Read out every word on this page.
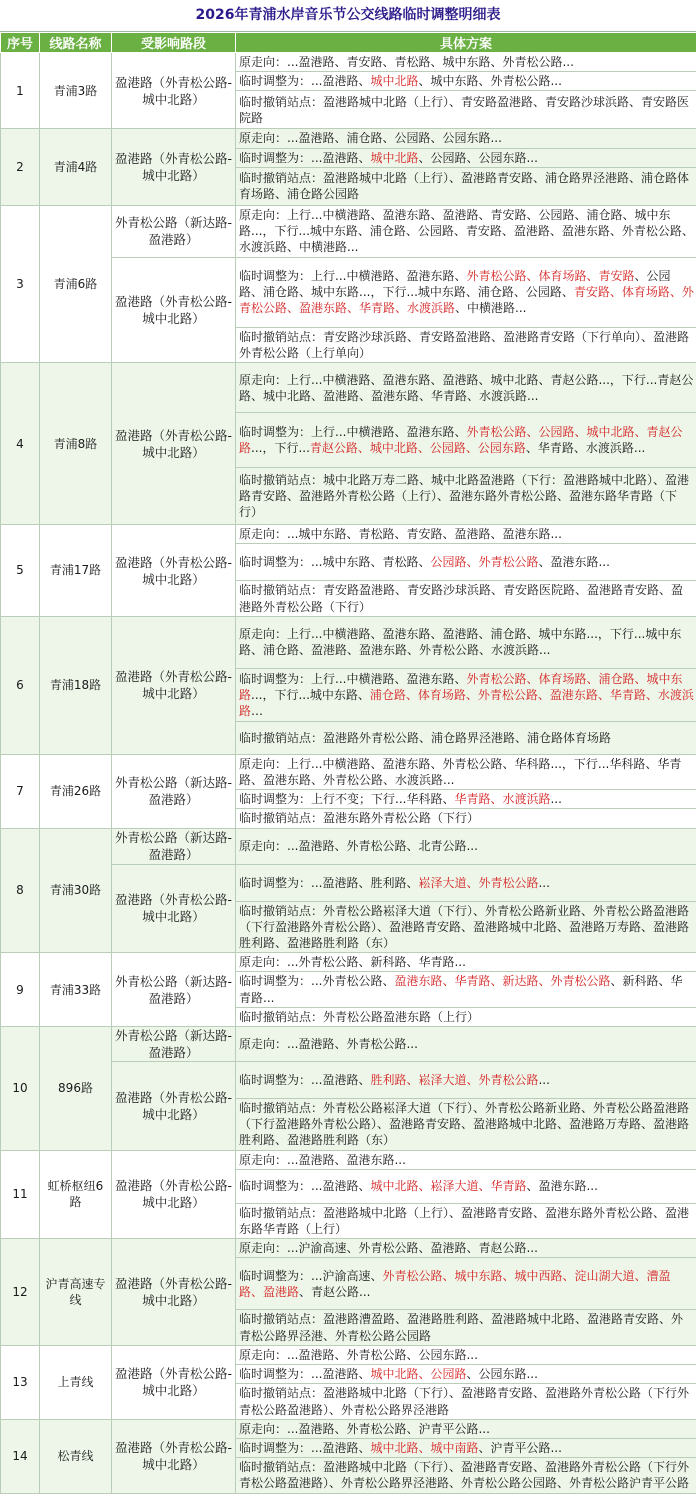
2026年青浦水岸音乐节公交线路临时调整明细表
序号	线路名称	受影响路段	具体方案
1	青浦3路	盈港路（外青松公路-城中北路）	原走向：...盈港路、青安路、青松路、城中东路、外青松公路...
			临时调整为：...盈港路、城中北路、城中东路、外青松公路...
			临时撤销站点：盈港路城中北路（上行）、青安路盈港路、青安路沙球浜路、青安路医院路
2	青浦4路	盈港路（外青松公路-城中北路）	原走向：...盈港路、浦仓路、公园路、公园东路...
			临时调整为：...盈港路、城中北路、公园路、公园东路...
			临时撤销站点：盈港路城中北路（上行）、盈港路青安路、浦仓路界泾港路、浦仓路体育场路、浦仓路公园路
3	青浦6路	外青松公路（新达路-盈港路）	原走向：上行...中横港路、盈港东路、盈港路、青安路、公园路、浦仓路、城中东路...，下行...城中东路、浦仓路、公园路、青安路、盈港路、盈港东路、外青松公路、水渡浜路、中横港路...
		盈港路（外青松公路-城中北路）	临时调整为：上行...中横港路、盈港东路、外青松公路、体育场路、青安路、公园路、浦仓路、城中东路...，下行...城中东路、浦仓路、公园路、青安路、体育场路、外青松公路、盈港东路、华青路、水渡浜路、中横港路...
			临时撤销站点：青安路沙球浜路、青安路盈港路、盈港路青安路（下行单向）、盈港路外青松公路（上行单向）
4	青浦8路	盈港路（外青松公路-城中北路）	原走向：上行...中横港路、盈港东路、盈港路、城中北路、青赵公路...，下行...青赵公路、城中北路、盈港路、盈港东路、华青路、水渡浜路...
			临时调整为：上行...中横港路、盈港东路、外青松公路、公园路、城中北路、青赵公路...，下行...青赵公路、城中北路、公园路、公园东路、华青路、水渡浜路...
			临时撤销站点：城中北路万寿二路、城中北路盈港路（下行：盈港路城中北路）、盈港路青安路、盈港路外青松公路（上行）、盈港东路外青松公路、盈港东路华青路（下行）
5	青浦17路	盈港路（外青松公路-城中北路）	原走向：...城中东路、青松路、青安路、盈港路、盈港东路...
			临时调整为：...城中东路、青松路、公园路、外青松公路、盈港东路...
			临时撤销站点：青安路盈港路、青安路沙球浜路、青安路医院路、盈港路青安路、盈港路外青松公路（下行）
6	青浦18路	盈港路（外青松公路-城中北路）	原走向：上行...中横港路、盈港东路、盈港路、浦仓路、城中东路...，下行...城中东路、浦仓路、盈港路、盈港东路、外青松公路、水渡浜路...
			临时调整为：上行...中横港路、盈港东路、外青松公路、体育场路、浦仓路、城中东路...，下行...城中东路、浦仓路、体育场路、外青松公路、盈港东路、华青路、水渡浜路…
			临时撤销站点：盈港路外青松公路、浦仓路界泾港路、浦仓路体育场路
7	青浦26路	外青松公路（新达路-盈港路）	原走向：上行...中横港路、盈港东路、外青松公路、华科路...，下行...华科路、华青路、盈港东路、外青松公路、水渡浜路...
			临时调整为：上行不变；下行...华科路、华青路、水渡浜路...
			临时撤销站点：盈港东路外青松公路（下行）
8	青浦30路	外青松公路（新达路-盈港路）	原走向：...盈港路、外青松公路、北青公路...
		盈港路（外青松公路-城中北路）	临时调整为：...盈港路、胜利路、崧泽大道、外青松公路...
			临时撤销站点：外青松公路崧泽大道（下行）、外青松公路新业路、外青松公路盈港路（下行盈港路外青松公路）、盈港路青安路、盈港路城中北路、盈港路万寿路、盈港路胜利路、盈港路胜利路（东）
9	青浦33路	外青松公路（新达路-盈港路）	原走向：...外青松公路、新科路、华青路...
			临时调整为：...外青松公路、盈港东路、华青路、新达路、外青松公路、新科路、华青路...
			临时撤销站点：外青松公路盈港东路（上行）
10	896路	外青松公路（新达路-盈港路）	原走向：...盈港路、外青松公路...
		盈港路（外青松公路-城中北路）	临时调整为：...盈港路、胜利路、崧泽大道、外青松公路...
			临时撤销站点：外青松公路崧泽大道（下行）、外青松公路新业路、外青松公路盈港路（下行盈港路外青松公路）、盈港路青安路、盈港路城中北路、盈港路万寿路、盈港路胜利路、盈港路胜利路（东）
11	虹桥枢纽6路	盈港路（外青松公路-城中北路）	原走向：...盈港路、盈港东路...
			临时调整为：...盈港路、城中北路、崧泽大道、华青路、盈港东路...
			临时撤销站点：盈港路城中北路（上行）、盈港路青安路、盈港东路外青松公路、盈港东路华青路（上行）
12	沪青高速专线	盈港路（外青松公路-城中北路）	原走向：...沪渝高速、外青松公路、盈港路、青赵公路...
			临时调整为：...沪渝高速、外青松公路、城中东路、城中西路、淀山湖大道、漕盈路、盈港路、青赵公路...
			临时撤销站点：盈港路漕盈路、盈港路胜利路、盈港路城中北路、盈港路青安路、外青松公路界泾港、外青松公路公园路
13	上青线	盈港路（外青松公路-城中北路）	原走向：...盈港路、外青松公路、公园东路...
			临时调整为：...盈港路、城中北路、公园路、公园东路...
			临时撤销站点：盈港路城中北路（下行）、盈港路青安路、盈港路外青松公路（下行外青松公路盈港路）、外青松公路界泾港路
14	松青线	盈港路（外青松公路-城中北路）	原走向：...盈港路、外青松公路、沪青平公路...
			临时调整为：...盈港路、城中北路、城中南路、沪青平公路...
			临时撤销站点：盈港路城中北路（下行）、盈港路青安路、盈港路外青松公路（下行外青松公路盈港路）、外青松公路界泾港路、外青松公路公园路、外青松公路沪青平公路
